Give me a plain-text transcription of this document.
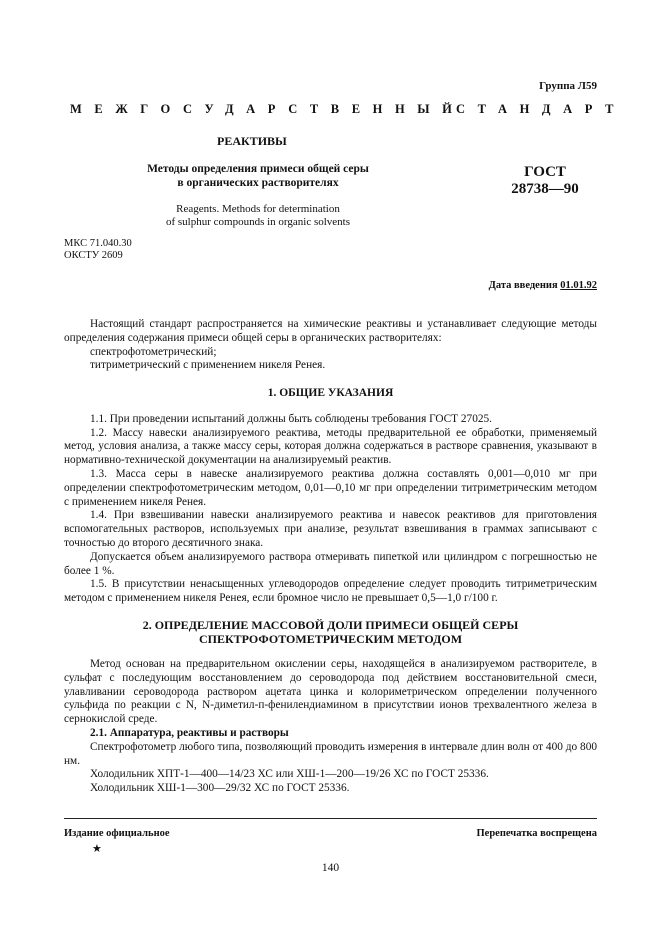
Группа Л59
МЕЖГОСУДАРСТВЕННЫЙ
СТАНДАРТ
РЕАКТИВЫ
Методы определения примеси общей серы
в органических растворителях
ГОСТ
28738—90
Reagents. Methods for determination
of sulphur compounds in organic solvents
МКС 71.040.30
ОКСТУ 2609
Дата введения 01.01.92

Настоящий стандарт распространяется на химические реактивы и устанавливает следующие методы определения содержания примеси общей серы в органических растворителях:

спектрофотометрический;

титриметрический с применением никеля Ренея.

1. ОБЩИЕ УКАЗАНИЯ

1.1. При проведении испытаний должны быть соблюдены требования ГОСТ 27025.

1.2. Массу навески анализируемого реактива, методы предварительной ее обработки, применяемый метод, условия анализа, а также массу серы, которая должна содержаться в растворе сравнения, указывают в нормативно-технической документации на анализируемый реактив.

1.3. Масса серы в навеске анализируемого реактива должна составлять 0,001—0,010 мг при определении спектрофотометрическим методом, 0,01—0,10 мг при определении титриметрическим методом с применением никеля Ренея.

1.4. При взвешивании навески анализируемого реактива и навесок реактивов для приготовления вспомогательных растворов, используемых при анализе, результат взвешивания в граммах записывают с точностью до второго десятичного знака.

Допускается объем анализируемого раствора отмеривать пипеткой или цилиндром с погрешностью не более 1 %.

1.5. В присутствии ненасыщенных углеводородов определение следует проводить титриметрическим методом с применением никеля Ренея, если бромное число не превышает 0,5—1,0 г/100 г.

2. ОПРЕДЕЛЕНИЕ МАССОВОЙ ДОЛИ ПРИМЕСИ ОБЩЕЙ СЕРЫ
СПЕКТРОФОТОМЕТРИЧЕСКИМ МЕТОДОМ

Метод основан на предварительном окислении серы, находящейся в анализируемом растворителе, в сульфат с последующим восстановлением до сероводорода под действием восстановительной смеси, улавливании сероводорода раствором ацетата цинка и колориметрическом определении полученного сульфида по реакции с N, N-диметил-п-фенилендиамином в присутствии ионов трехвалентного железа в сернокислой среде.

2.1. Аппаратура, реактивы и растворы

Спектрофотометр любого типа, позволяющий проводить измерения в интервале длин волн от 400 до 800 нм.

Холодильник ХПТ-1—400—14/23 ХС или ХШ-1—200—19/26 ХС по ГОСТ 25336.

Холодильник ХШ-1—300—29/32 ХС по ГОСТ 25336.

Издание официальное	Перепечатка воспрещена
★
140
